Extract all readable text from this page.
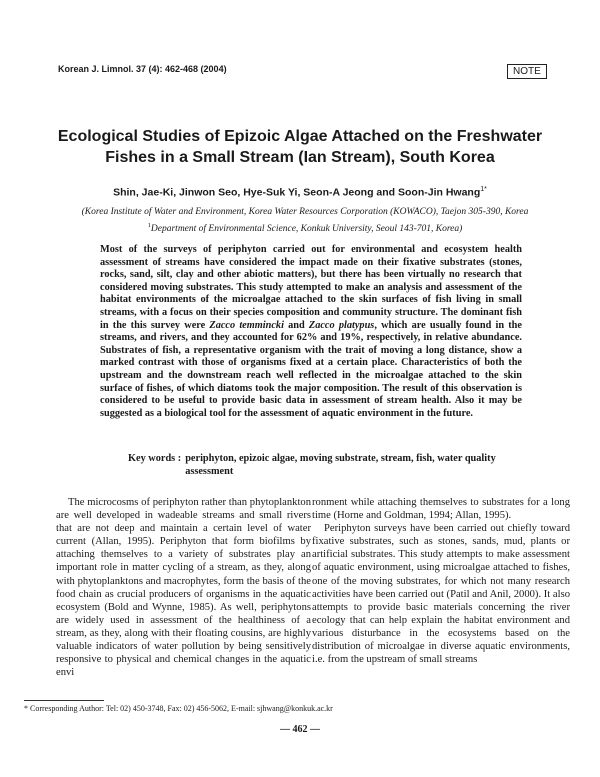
Korean J. Limnol. 37 (4): 462-468 (2004)	NOTE
Ecological Studies of Epizoic Algae Attached on the Freshwater
Fishes in a Small Stream (Ian Stream), South Korea
Shin, Jae-Ki, Jinwon Seo, Hye-Suk Yi, Seon-A Jeong and Soon-Jin Hwang$^{1*}$
(Korea Institute of Water and Environment, Korea Water Resources Corporation (KOWACO), Taejon 305-390, Korea
$^1$Department of Environmental Science, Konkuk University, Seoul 143-701, Korea)
Most of the surveys of periphyton carried out for environmental and ecosystem health assessment of streams have considered the impact made on their fixative substrates (stones, rocks, sand, silt, clay and other abiotic matters), but there has been virtually no research that considered moving substrates. This study attempted to make an analysis and assessment of the habitat environments of the microalgae attached to the skin surfaces of fish living in small streams, with a focus on their species composition and community structure. The dominant fish in the this survey were Zacco temmincki and Zacco platypus, which are usually found in the streams, and rivers, and they accounted for 62% and 19%, respectively, in relative abundance. Substrates of fish, a representative organism with the trait of moving a long distance, show a marked contrast with those of organisms fixed at a certain place. Characteristics of both the upstream and the downstream reach well reflected in the microalgae attached to the skin surface of fishes, of which diatoms took the major composition. The result of this observation is considered to be useful to provide basic data in assessment of stream health. Also it may be suggested as a biological tool for the assessment of aquatic environment in the future.
Key words : periphyton, epizoic algae, moving substrate, stream, fish, water quality
assessment

The microcosms of periphyton rather than phytoplankton are well developed in wadeable streams and small rivers that are not deep and maintain a certain level of water current (Allan, 1995). Periphyton that form biofilms by attaching themselves to a variety of substrates play an important role in matter cycling of a stream, as they, along with phytoplanktons and macrophytes, form the basis of the food chain as crucial producers of organisms in the aquatic ecosystem (Bold and Wynne, 1985). As well, periphytons are widely used in assessment of the healthiness of a stream, as they, along with their floating cousins, are highly valuable indicators of water pollution by being sensitively responsive to physical and chemical changes in the aquatic envi

ronment while attaching themselves to substrates for a long time (Horne and Goldman, 1994; Allan, 1995).

Periphyton surveys have been carried out chiefly toward fixative substrates, such as stones, sands, mud, plants or artificial substrates. This study attempts to make assessment of aquatic environment, using microalgae attached to fishes, one of the moving substrates, for which not many research activities have been carried out (Patil and Anil, 2000). It also attempts to provide basic materials concerning the river ecology that can help explain the habitat environment and various disturbance in the ecosystems based on the distribution of microalgae in diverse aquatic environments, i.e. from the upstream of small streams

* Corresponding Author: Tel: 02) 450-3748, Fax: 02) 456-5062, E-mail: sjhwang@konkuk.ac.kr
— 462 —
